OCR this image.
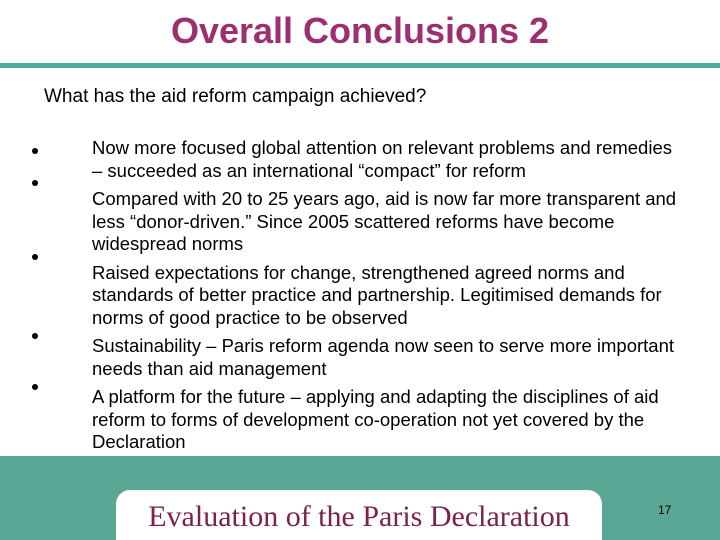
Overall Conclusions 2

What has the aid reform campaign achieved?

Now more focused global attention on relevant problems and remedies – succeeded as an international “compact” for reform
Compared with 20 to 25 years ago, aid is now far more transparent and less “donor-driven.” Since 2005 scattered reforms have become widespread norms
Raised expectations for change, strengthened agreed norms and standards of better practice and partnership. Legitimised demands for norms of good practice to be observed
Sustainability – Paris reform agenda now seen to serve more important needs than aid management
A platform for the future – applying and adapting the disciplines of aid reform to forms of development co-operation not yet covered by the Declaration
Evaluation of the Paris Declaration	17
